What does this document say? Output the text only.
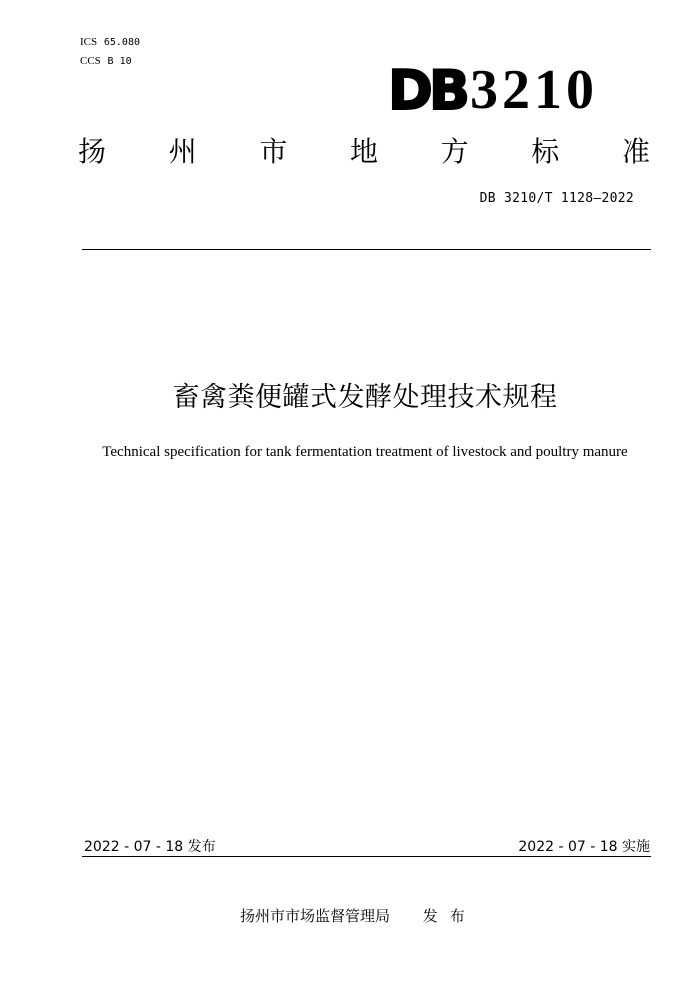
ICS 65.080
CCS B 10	DB 3210
扬 州 市 地 方 标 准
DB 3210/T 1128—2022
畜禽粪便罐式发酵处理技术规程
Technical specification for tank fermentation treatment of livestock and poultry manure
2022 - 07 - 18 发布	2022 - 07 - 18 实施
扬州市市场监督管理局 发布
